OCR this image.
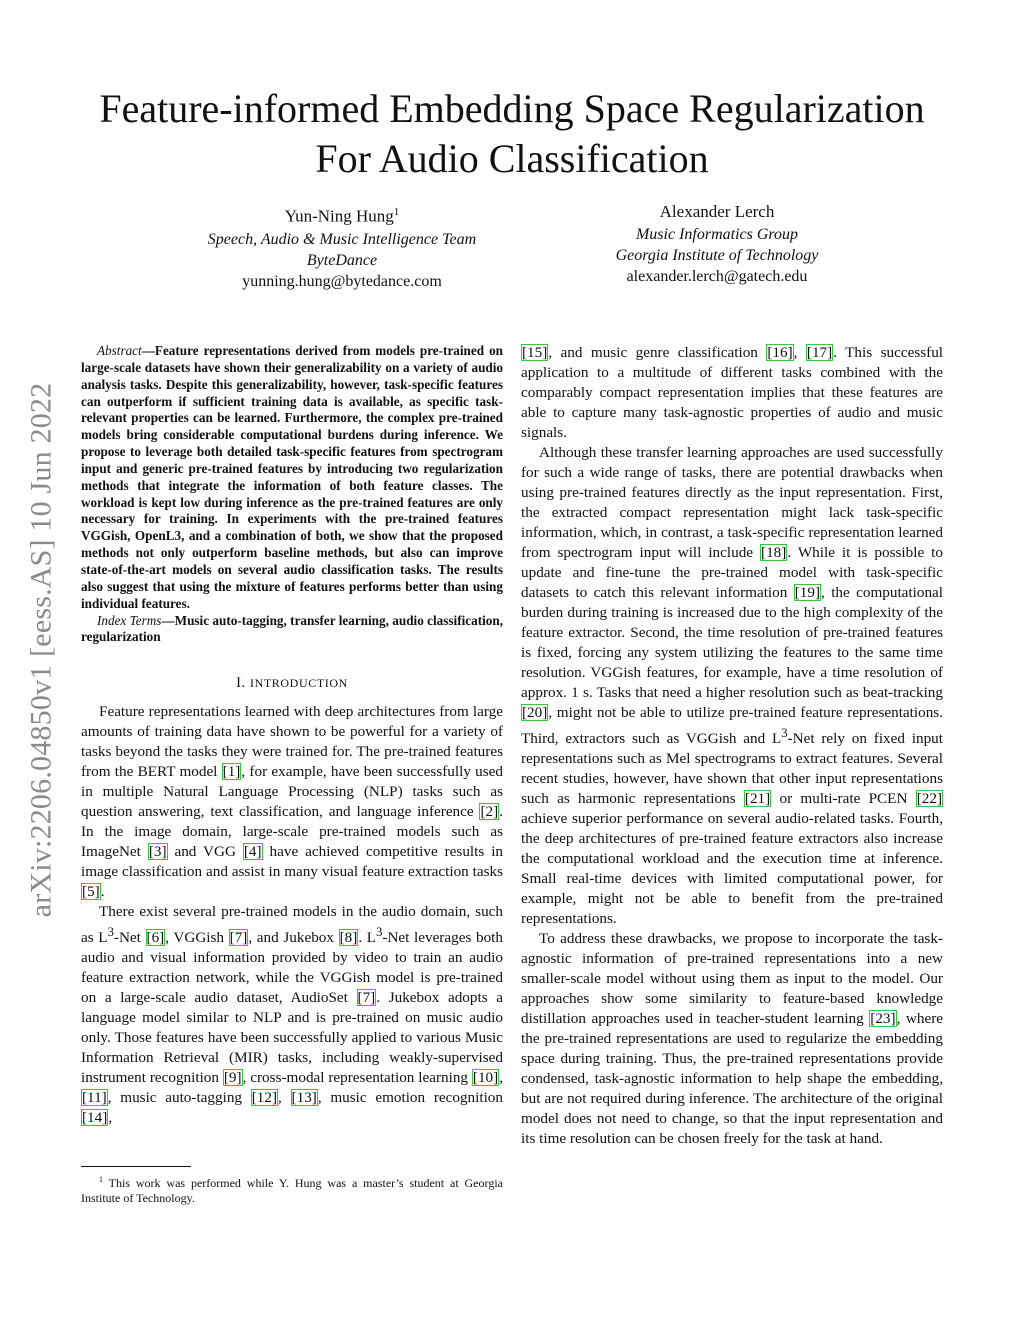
arXiv:2206.04850v1 [eess.AS] 10 Jun 2022
Feature-informed Embedding Space Regularization
For Audio Classification
Yun-Ning Hung$^1$
Speech, Audio & Music Intelligence Team
ByteDance
yunning.hung@bytedance.com
Alexander Lerch
Music Informatics Group
Georgia Institute of Technology
alexander.lerch@gatech.edu

Abstract—Feature representations derived from models pre-trained on large-scale datasets have shown their generalizability on a variety of audio analysis tasks. Despite this generalizability, however, task-specific features can outperform if sufficient training data is available, as specific task-relevant properties can be learned. Furthermore, the complex pre-trained models bring considerable computational burdens during inference. We propose to leverage both detailed task-specific features from spectrogram input and generic pre-trained features by introducing two regularization methods that integrate the information of both feature classes. The workload is kept low during inference as the pre-trained features are only necessary for training. In experiments with the pre-trained features VGGish, OpenL3, and a combination of both, we show that the proposed methods not only outperform baseline methods, but also can improve state-of-the-art models on several audio classification tasks. The results also suggest that using the mixture of features performs better than using individual features.

Index Terms—Music auto-tagging, transfer learning, audio classification, regularization

I. INTRODUCTION

Feature representations learned with deep architectures from large amounts of training data have shown to be powerful for a variety of tasks beyond the tasks they were trained for. The pre-trained features from the BERT model [1], for example, have been successfully used in multiple Natural Language Processing (NLP) tasks such as question answering, text classification, and language inference [2]. In the image domain, large-scale pre-trained models such as ImageNet [3] and VGG [4] have achieved competitive results in image classification and assist in many visual feature extraction tasks [5].

There exist several pre-trained models in the audio domain, such as $L^3$-Net [6], VGGish [7], and Jukebox [8]. $L^3$-Net leverages both audio and visual information provided by video to train an audio feature extraction network, while the VGGish model is pre-trained on a large-scale audio dataset, AudioSet [7]. Jukebox adopts a language model similar to NLP and is pre-trained on music audio only. Those features have been successfully applied to various Music Information Retrieval (MIR) tasks, including weakly-supervised instrument recognition [9], cross-modal representation learning [10], [11], music auto-tagging [12], [13], music emotion recognition [14],

$^1$ This work was performed while Y. Hung was a master’s student at Georgia Institute of Technology.

[15], and music genre classification [16], [17]. This successful application to a multitude of different tasks combined with the comparably compact representation implies that these features are able to capture many task-agnostic properties of audio and music signals.

Although these transfer learning approaches are used successfully for such a wide range of tasks, there are potential drawbacks when using pre-trained features directly as the input representation. First, the extracted compact representation might lack task-specific information, which, in contrast, a task-specific representation learned from spectrogram input will include [18]. While it is possible to update and fine-tune the pre-trained model with task-specific datasets to catch this relevant information [19], the computational burden during training is increased due to the high complexity of the feature extractor. Second, the time resolution of pre-trained features is fixed, forcing any system utilizing the features to the same time resolution. VGGish features, for example, have a time resolution of approx. 1 s. Tasks that need a higher resolution such as beat-tracking [20], might not be able to utilize pre-trained feature representations. Third, extractors such as VGGish and $L^3$-Net rely on fixed input representations such as Mel spectrograms to extract features. Several recent studies, however, have shown that other input representations such as harmonic representations [21] or multi-rate PCEN [22] achieve superior performance on several audio-related tasks. Fourth, the deep architectures of pre-trained feature extractors also increase the computational workload and the execution time at inference. Small real-time devices with limited computational power, for example, might not be able to benefit from the pre-trained representations.

To address these drawbacks, we propose to incorporate the task-agnostic information of pre-trained representations into a new smaller-scale model without using them as input to the model. Our approaches show some similarity to feature-based knowledge distillation approaches used in teacher-student learning [23], where the pre-trained representations are used to regularize the embedding space during training. Thus, the pre-trained representations provide condensed, task-agnostic information to help shape the embedding, but are not required during inference. The architecture of the original model does not need to change, so that the input representation and its time resolution can be chosen freely for the task at hand.
